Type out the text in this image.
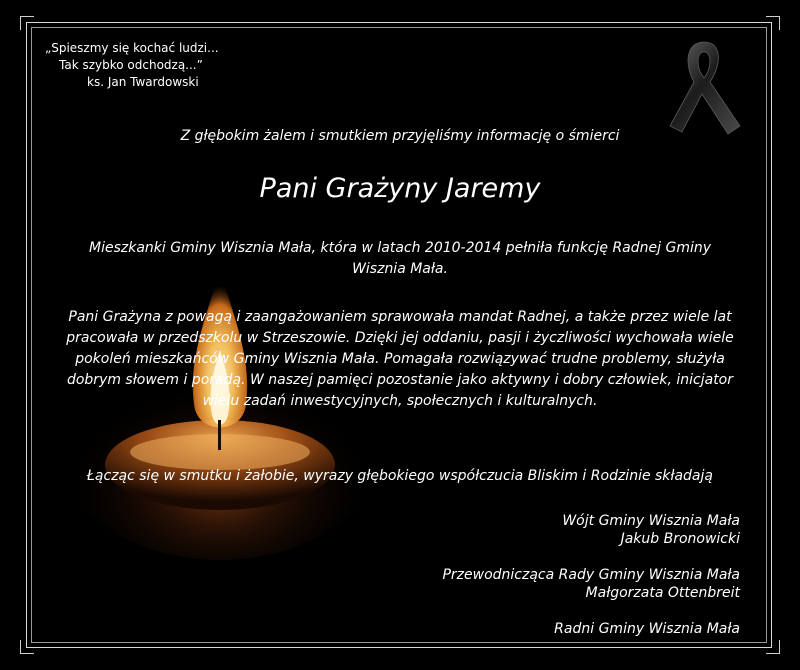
„Spieszmy się kochać ludzi...
Tak szybko odchodzą...”
ks. Jan Twardowski
Z głębokim żalem i smutkiem przyjęliśmy informację o śmierci
Pani Grażyny Jaremy
Mieszkanki Gminy Wisznia Mała, która w latach 2010-2014 pełniła funkcję Radnej Gminy Wisznia Mała.
Pani Grażyna z powagą i zaangażowaniem sprawowała mandat Radnej, a także przez wiele lat pracowała w przedszkolu w Strzeszowie. Dzięki jej oddaniu, pasji i życzliwości wychowała wiele pokoleń mieszkańców Gminy Wisznia Mała. Pomagała rozwiązywać trudne problemy, służyła dobrym słowem i poradą. W naszej pamięci pozostanie jako aktywny i dobry człowiek, inicjator wielu zadań inwestycyjnych, społecznych i kulturalnych.
Łącząc się w smutku i żałobie, wyrazy głębokiego współczucia Bliskim i Rodzinie składają
Wójt Gminy Wisznia Mała
Jakub Bronowicki
Przewodnicząca Rady Gminy Wisznia Mała
Małgorzata Ottenbreit
Radni Gminy Wisznia Mała
